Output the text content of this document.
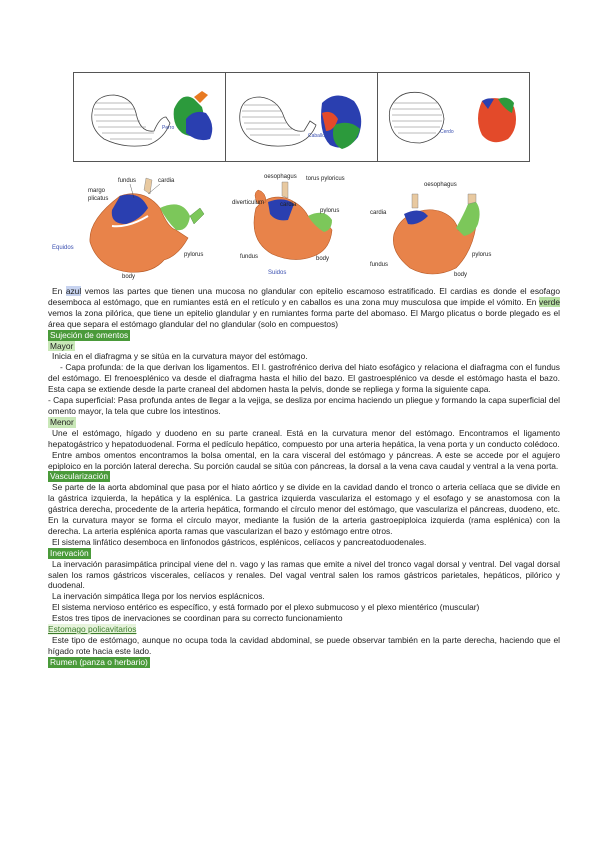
Perro
Caballo
Cerdo
fundus	cardia
margo
plicatus
pylorus
body
Equidos
oesophagus torus pyloricus
diverticulum	cardia
pylorus
fundus	body
Suidos
oesophagus
cardia
pylorus
fundus
body

En azul vemos las partes que tienen una mucosa no glandular con epitelio escamoso estratificado. El cardias es donde el esofago desemboca al estómago, que en rumiantes está en el retículo y en caballos es una zona muy musculosa que impide el vómito. En verde vemos la zona pilórica, que tiene un epitelio glandular y en rumiantes forma parte del abomaso. El Margo plicatus o borde plegado es el área que separa el estómago glandular del no glandular (solo en compuestos)

Sujeción de omentos

Mayor

Inicia en el diafragma y se sitúa en la curvatura mayor del estómago.

- Capa profunda: de la que derivan los ligamentos. El l. gastrofrénico deriva del hiato esofágico y relaciona el diafragma con el fundus del estómago. El frenoesplénico va desde el diafragma hasta el hilio del bazo. El gastroesplénico va desde el estómago hasta el bazo. Esta capa se extiende desde la parte craneal del abdomen hasta la pelvis, donde se repliega y forma la siguiente capa.

- Capa superficial: Pasa profunda antes de llegar a la vejiga, se desliza por encima haciendo un pliegue y formando la capa superficial del omento mayor, la tela que cubre los intestinos.

Menor

Une el estómago, hígado y duodeno en su parte craneal. Está en la curvatura menor del estómago. Encontramos el ligamento hepatogástrico y hepatoduodenal. Forma el pedículo hepático, compuesto por una arteria hepática, la vena porta y un conducto colédoco.

Entre ambos omentos encontramos la bolsa omental, en la cara visceral del estómago y páncreas. A este se accede por el agujero epiploico en la porción lateral derecha. Su porción caudal se sitúa con páncreas, la dorsal a la vena cava caudal y ventral a la vena porta.

Vascularización

Se parte de la aorta abdominal que pasa por el hiato aórtico y se divide en la cavidad dando el tronco o arteria celíaca que se divide en la gástrica izquierda, la hepática y la esplénica. La gastrica izquierda vasculariza el estomago y el esofago y se anastomosa con la gástrica derecha, procedente de la arteria hepática, formando el círculo menor del estómago, que vasculariza el páncreas, duodeno, etc. En la curvatura mayor se forma el círculo mayor, mediante la fusión de la arteria gastroepiploica izquierda (rama esplénica) con la derecha. La arteria esplénica aporta ramas que vascularizan el bazo y estómago entre otros.

El sistema linfático desemboca en linfonodos gástricos, esplénicos, celíacos y pancreatoduodenales.

Inervación

La inervación parasimpática principal viene del n. vago y las ramas que emite a nivel del tronco vagal dorsal y ventral. Del vagal dorsal salen los ramos gástricos viscerales, celíacos y renales. Del vagal ventral salen los ramos gástricos parietales, hepáticos, pilórico y duodenal.

La inervación simpática llega por los nervios esplácnicos.

El sistema nervioso entérico es específico, y está formado por el plexo submucoso y el plexo mientérico (muscular)

Estos tres tipos de inervaciones se coordinan para su correcto funcionamiento

Estomago policavitarios

Este tipo de estómago, aunque no ocupa toda la cavidad abdominal, se puede observar también en la parte derecha, haciendo que el hígado rote hacia este lado.

Rumen (panza o herbario)
